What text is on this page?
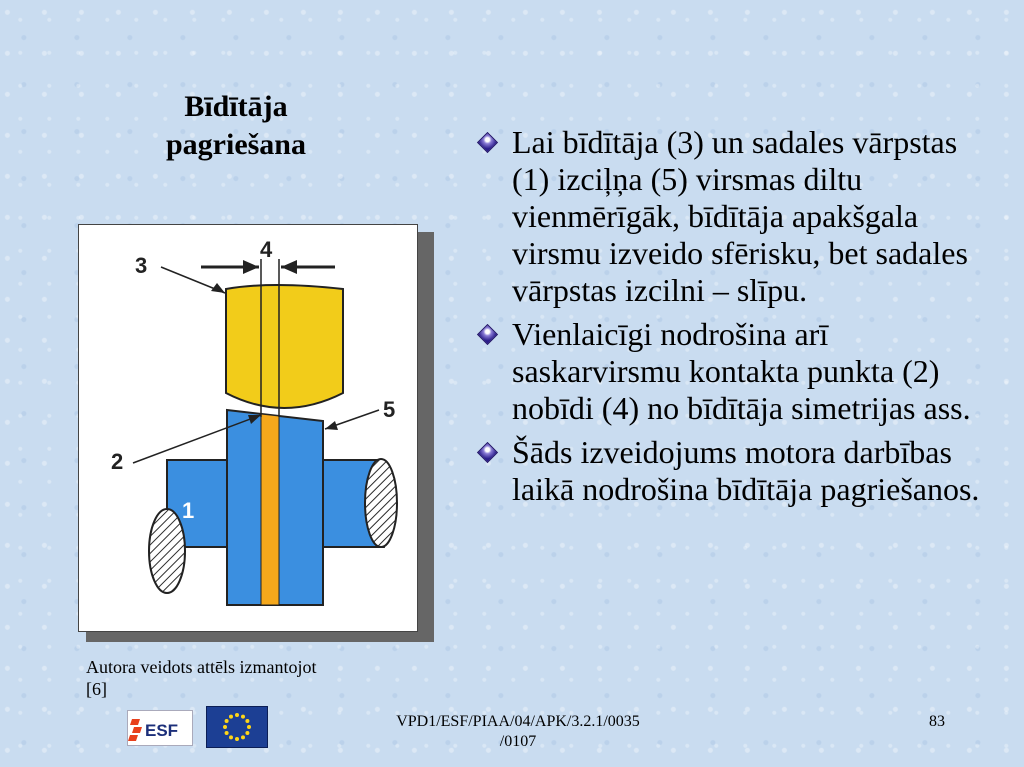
Bīdītāja pagriešana
3
4
5
2
1
Autora veidots attēls izmantojot [6]
Lai bīdītāja (3) un sadales vārpstas (1) izciļņa (5) virsmas diltu vienmērīgāk, bīdītāja apakšgala virsmu izveido sfērisku, bet sadales vārpstas izcilni – slīpu.
Vienlaicīgi nodrošina arī saskarvirsmu kontakta punkta (2) nobīdi (4) no bīdītāja simetrijas ass.
Šāds izveidojums motora darbības laikā nodrošina bīdītāja pagriešanos.
ESF	VPD1/ESF/PIAA/04/APK/3.2.1/0035
/0107
83
